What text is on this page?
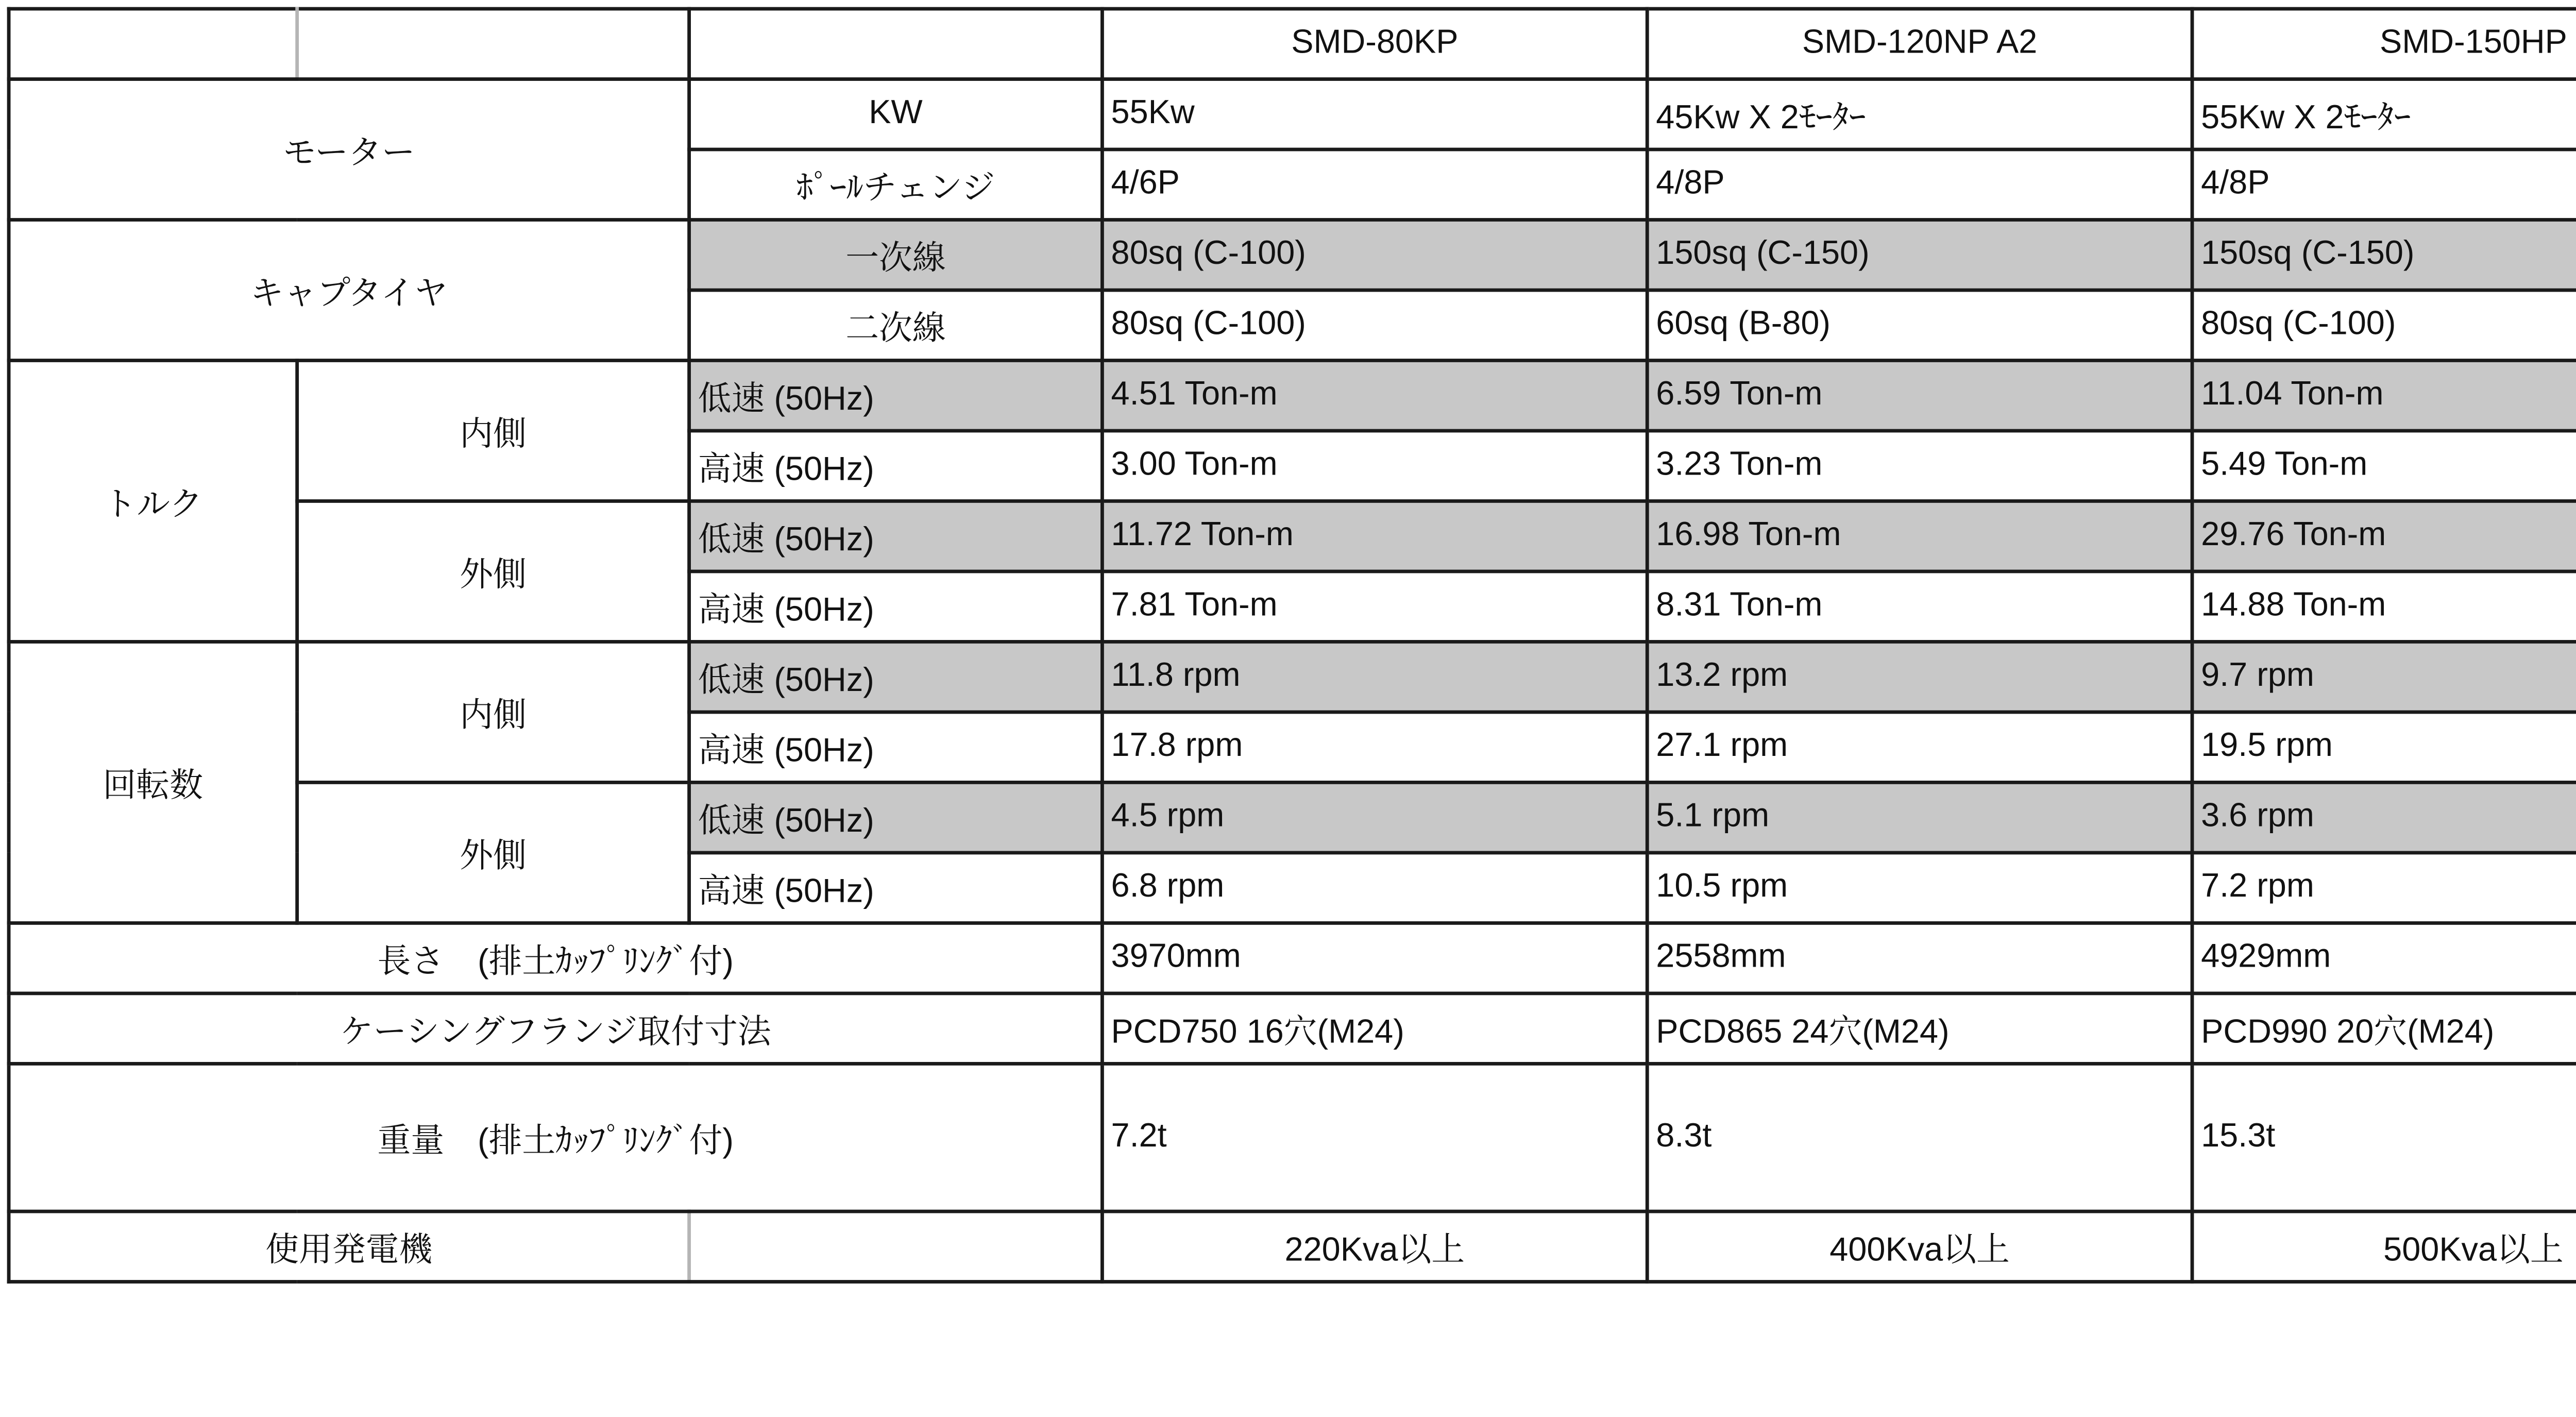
			SMD-80KP	SMD-120NP A2	SMD-150HP
モーター		KW	55Kw	45Kw X 2ﾓｰﾀｰ	55Kw X 2ﾓｰﾀｰ
		ﾎﾟｰﾙチェンジ	4/6P	4/8P	4/8P
キャプタイヤ		一次線	80sq (C-100)	150sq (C-150)	150sq (C-150)
		二次線	80sq (C-100)	60sq (B-80)	80sq (C-100)
トルク	内側	低速 (50Hz)	4.51 Ton-m	6.59 Ton-m	11.04 Ton-m
		高速 (50Hz)	3.00 Ton-m	3.23 Ton-m	5.49 Ton-m
	外側	低速 (50Hz)	11.72 Ton-m	16.98 Ton-m	29.76 Ton-m
		高速 (50Hz)	7.81 Ton-m	8.31 Ton-m	14.88 Ton-m
回転数	内側	低速 (50Hz)	11.8 rpm	13.2 rpm	9.7 rpm
		高速 (50Hz)	17.8 rpm	27.1 rpm	19.5 rpm
	外側	低速 (50Hz)	4.5 rpm	5.1 rpm	3.6 rpm
		高速 (50Hz)	6.8 rpm	10.5 rpm	7.2 rpm
長さ　(排土ｶｯﾌﾟﾘﾝｸﾞ付)			3970mm	2558mm	4929mm
ケーシングフランジ取付寸法			PCD750 16穴(M24)	PCD865 24穴(M24)	PCD990 20穴(M24)
重量　(排土ｶｯﾌﾟﾘﾝｸﾞ付)			7.2t	8.3t	15.3t
使用発電機			220Kva以上	400Kva以上	500Kva以上
